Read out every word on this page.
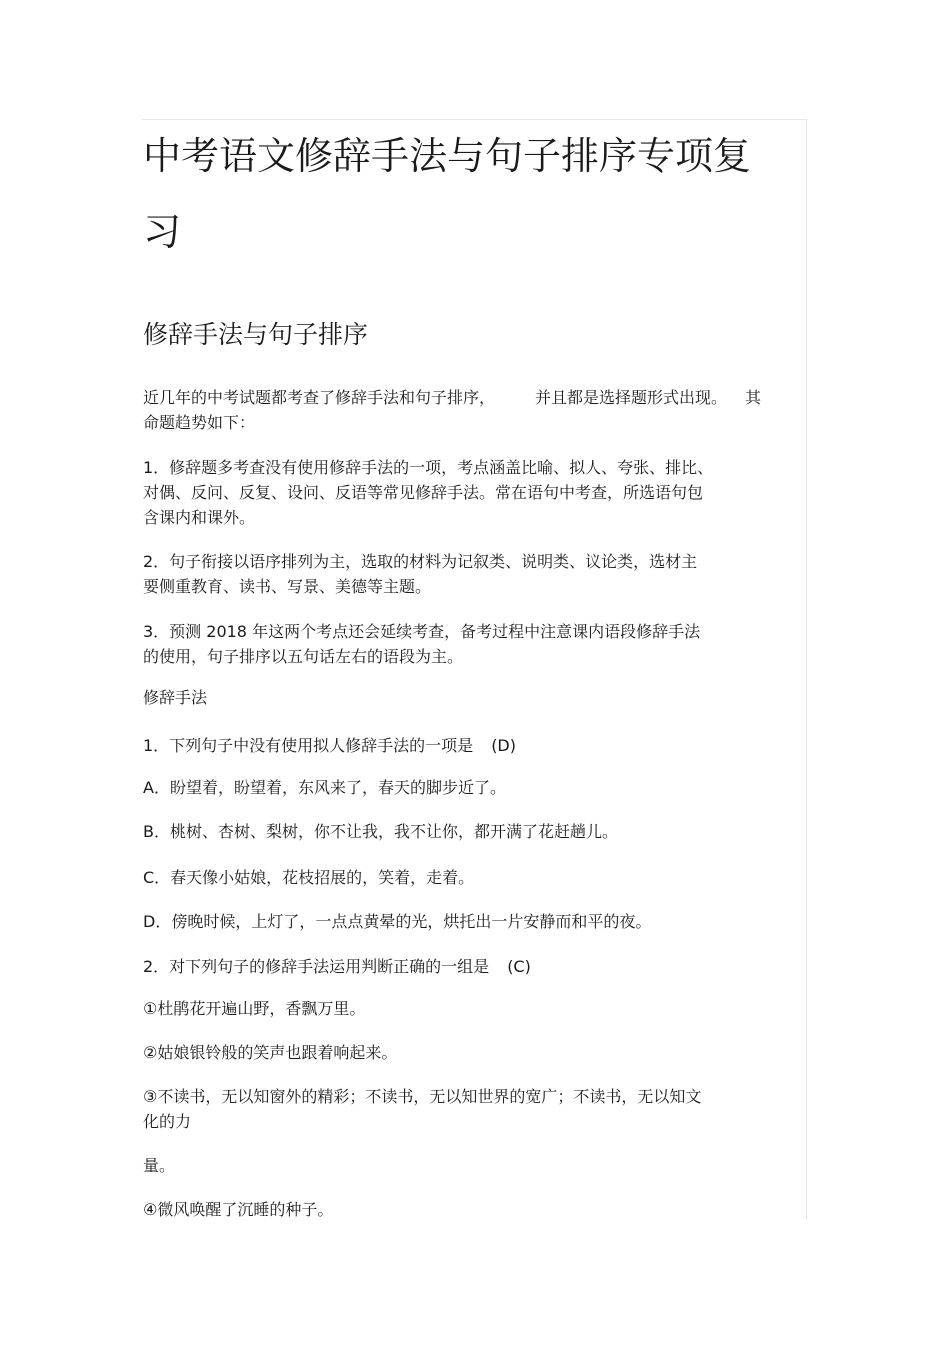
中考语文修辞手法与句子排序专项复
习
修辞手法与句子排序
近几年的中考试题都考查了修辞手法和句子排序，	并且都是选择题形式出现。 其
命题趋势如下：
1．修辞题多考查没有使用修辞手法的一项，考点涵盖比喻、拟人、夸张、排比、
对偶、反问、反复、设问、反语等常见修辞手法。常在语句中考查，所选语句包
含课内和课外。
2．句子衔接以语序排列为主，选取的材料为记叙类、说明类、议论类，选材主
要侧重教育、读书、写景、美德等主题。
3．预测 2018 年这两个考点还会延续考查，备考过程中注意课内语段修辞手法
的使用，句子排序以五句话左右的语段为主。
修辞手法
1．下列句子中没有使用拟人修辞手法的一项是 (D)
A．盼望着，盼望着，东风来了，春天的脚步近了。
B．桃树、杏树、梨树，你不让我，我不让你，都开满了花赶趟儿。
C．春天像小姑娘，花枝招展的，笑着，走着。
D．傍晚时候，上灯了，一点点黄晕的光，烘托出一片安静而和平的夜。
2．对下列句子的修辞手法运用判断正确的一组是 (C)
①杜鹃花开遍山野，香飘万里。
②姑娘银铃般的笑声也跟着响起来。
③不读书，无以知窗外的精彩；不读书，无以知世界的宽广；不读书，无以知文
化的力
量。
④微风唤醒了沉睡的种子。
